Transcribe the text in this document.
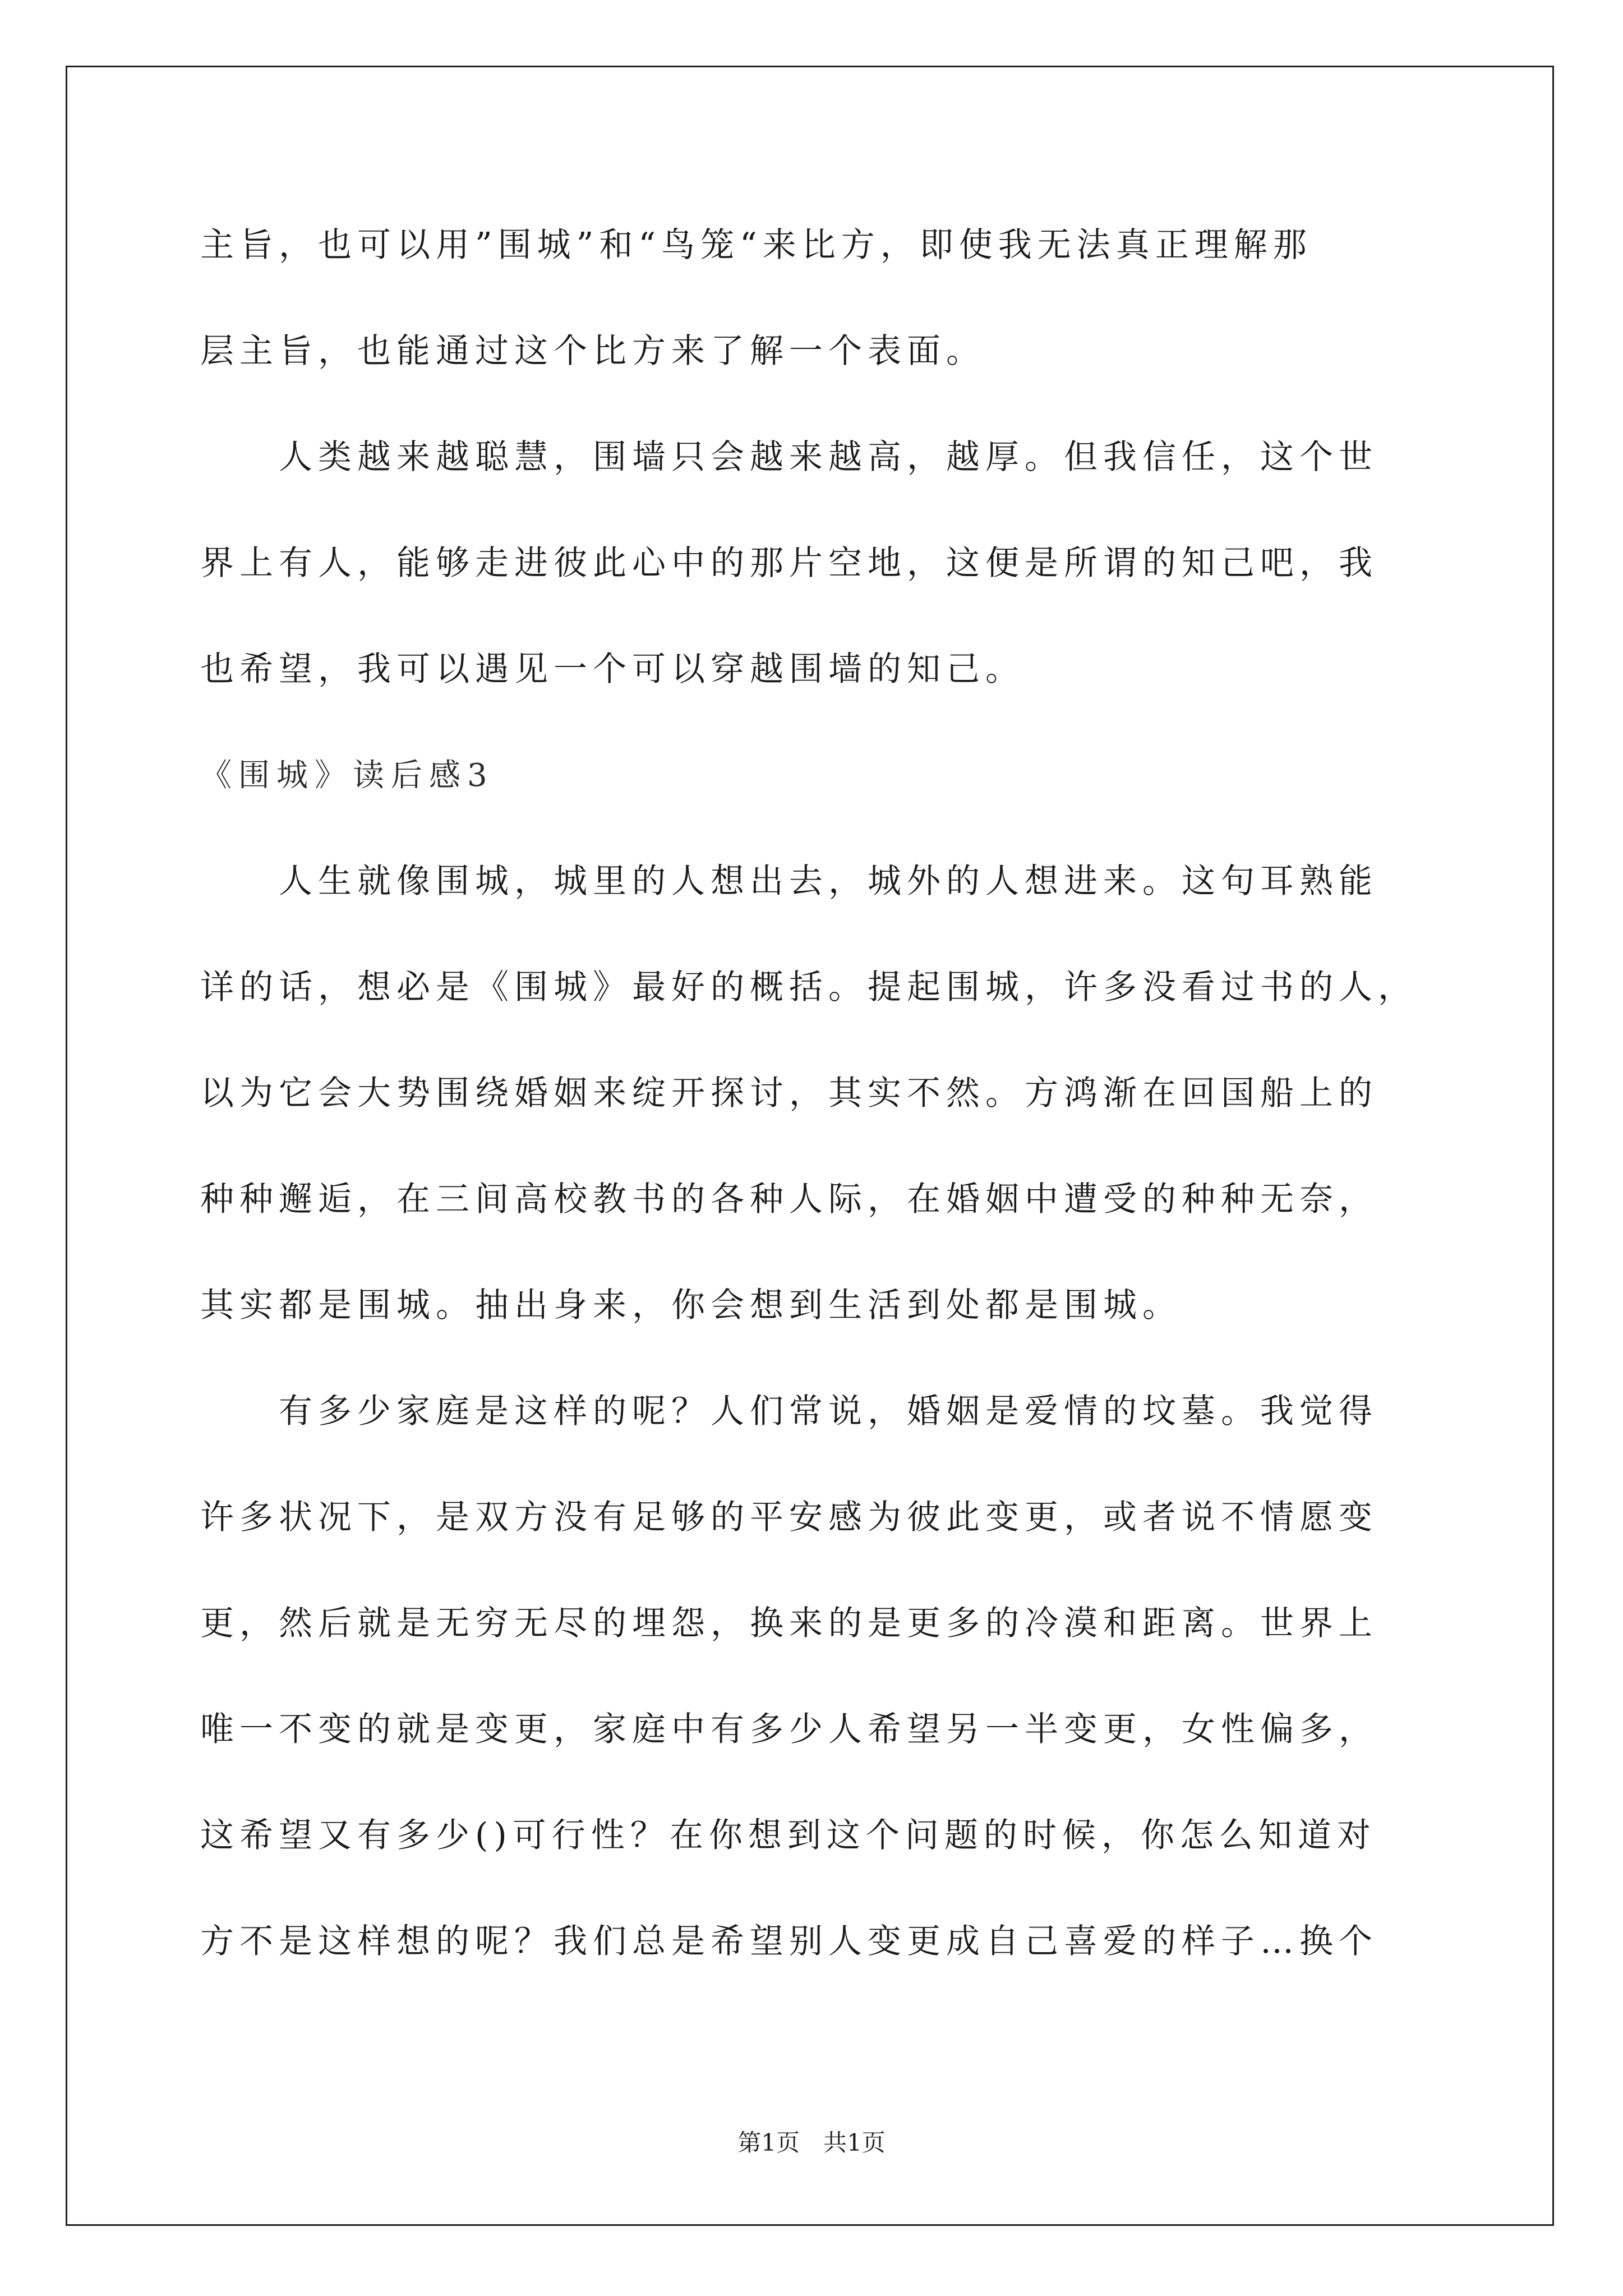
主旨，也可以用”围城”和“鸟笼“来比方，即使我无法真正理解那
层主旨，也能通过这个比方来了解一个表面。
人类越来越聪慧，围墙只会越来越高，越厚。但我信任，这个世
界上有人，能够走进彼此心中的那片空地，这便是所谓的知己吧，我
也希望，我可以遇见一个可以穿越围墙的知己。
《围城》读后感3
人生就像围城，城里的人想出去，城外的人想进来。这句耳熟能
详的话，想必是《围城》最好的概括。提起围城，许多没看过书的人，
以为它会大势围绕婚姻来绽开探讨，其实不然。方鸿渐在回国船上的
种种邂逅，在三间高校教书的各种人际，在婚姻中遭受的种种无奈，
其实都是围城。抽出身来，你会想到生活到处都是围城。
有多少家庭是这样的呢？人们常说，婚姻是爱情的坟墓。我觉得
许多状况下，是双方没有足够的平安感为彼此变更，或者说不情愿变
更，然后就是无穷无尽的埋怨，换来的是更多的冷漠和距离。世界上
唯一不变的就是变更，家庭中有多少人希望另一半变更，女性偏多，
这希望又有多少()可行性？在你想到这个问题的时候，你怎么知道对
方不是这样想的呢？我们总是希望别人变更成自己喜爱的样子…换个
第1页　共1页
